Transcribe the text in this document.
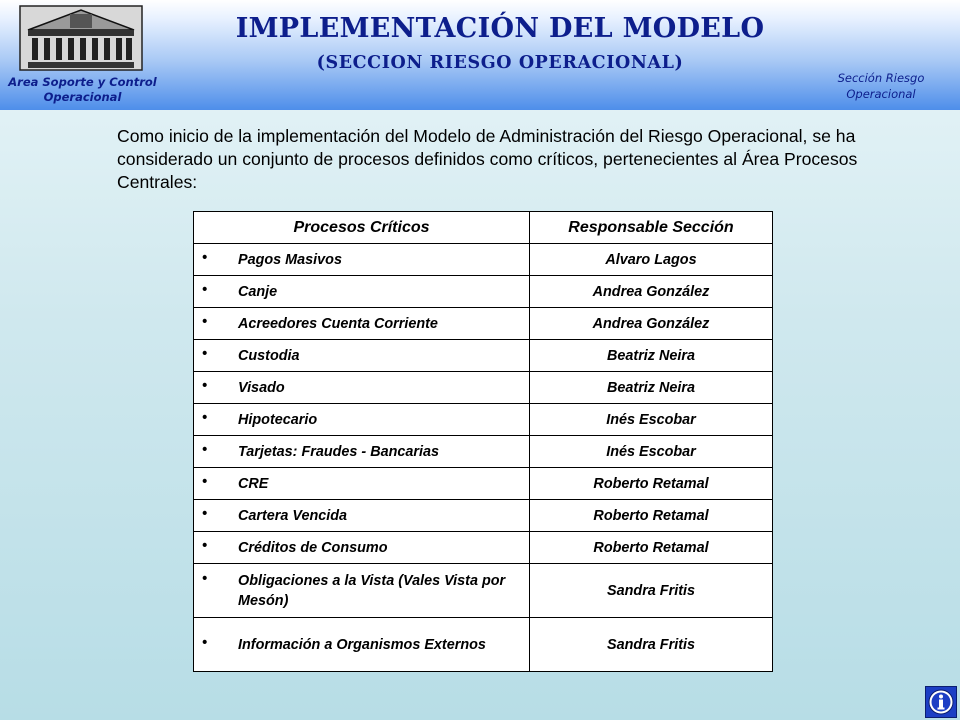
Area Soporte y Control
Operacional
IMPLEMENTACIÓN DEL MODELO
(SECCION RIESGO OPERACIONAL)
Sección Riesgo
Operacional
Como inicio de la implementación del Modelo de Administración del Riesgo Operacional, se ha considerado un conjunto de procesos definidos como críticos, pertenecientes al Área Procesos Centrales:
Procesos Críticos	Responsable Sección
• Pagos Masivos	Alvaro Lagos
• Canje	Andrea González
• Acreedores Cuenta Corriente	Andrea González
• Custodia	Beatriz Neira
• Visado	Beatriz Neira
• Hipotecario	Inés Escobar
• Tarjetas: Fraudes - Bancarias	Inés Escobar
• CRE	Roberto Retamal
• Cartera Vencida	Roberto Retamal
• Créditos de Consumo	Roberto Retamal
• Obligaciones a la Vista (Vales Vista por Mesón)	Sandra Fritis
• Información a Organismos Externos	Sandra Fritis
